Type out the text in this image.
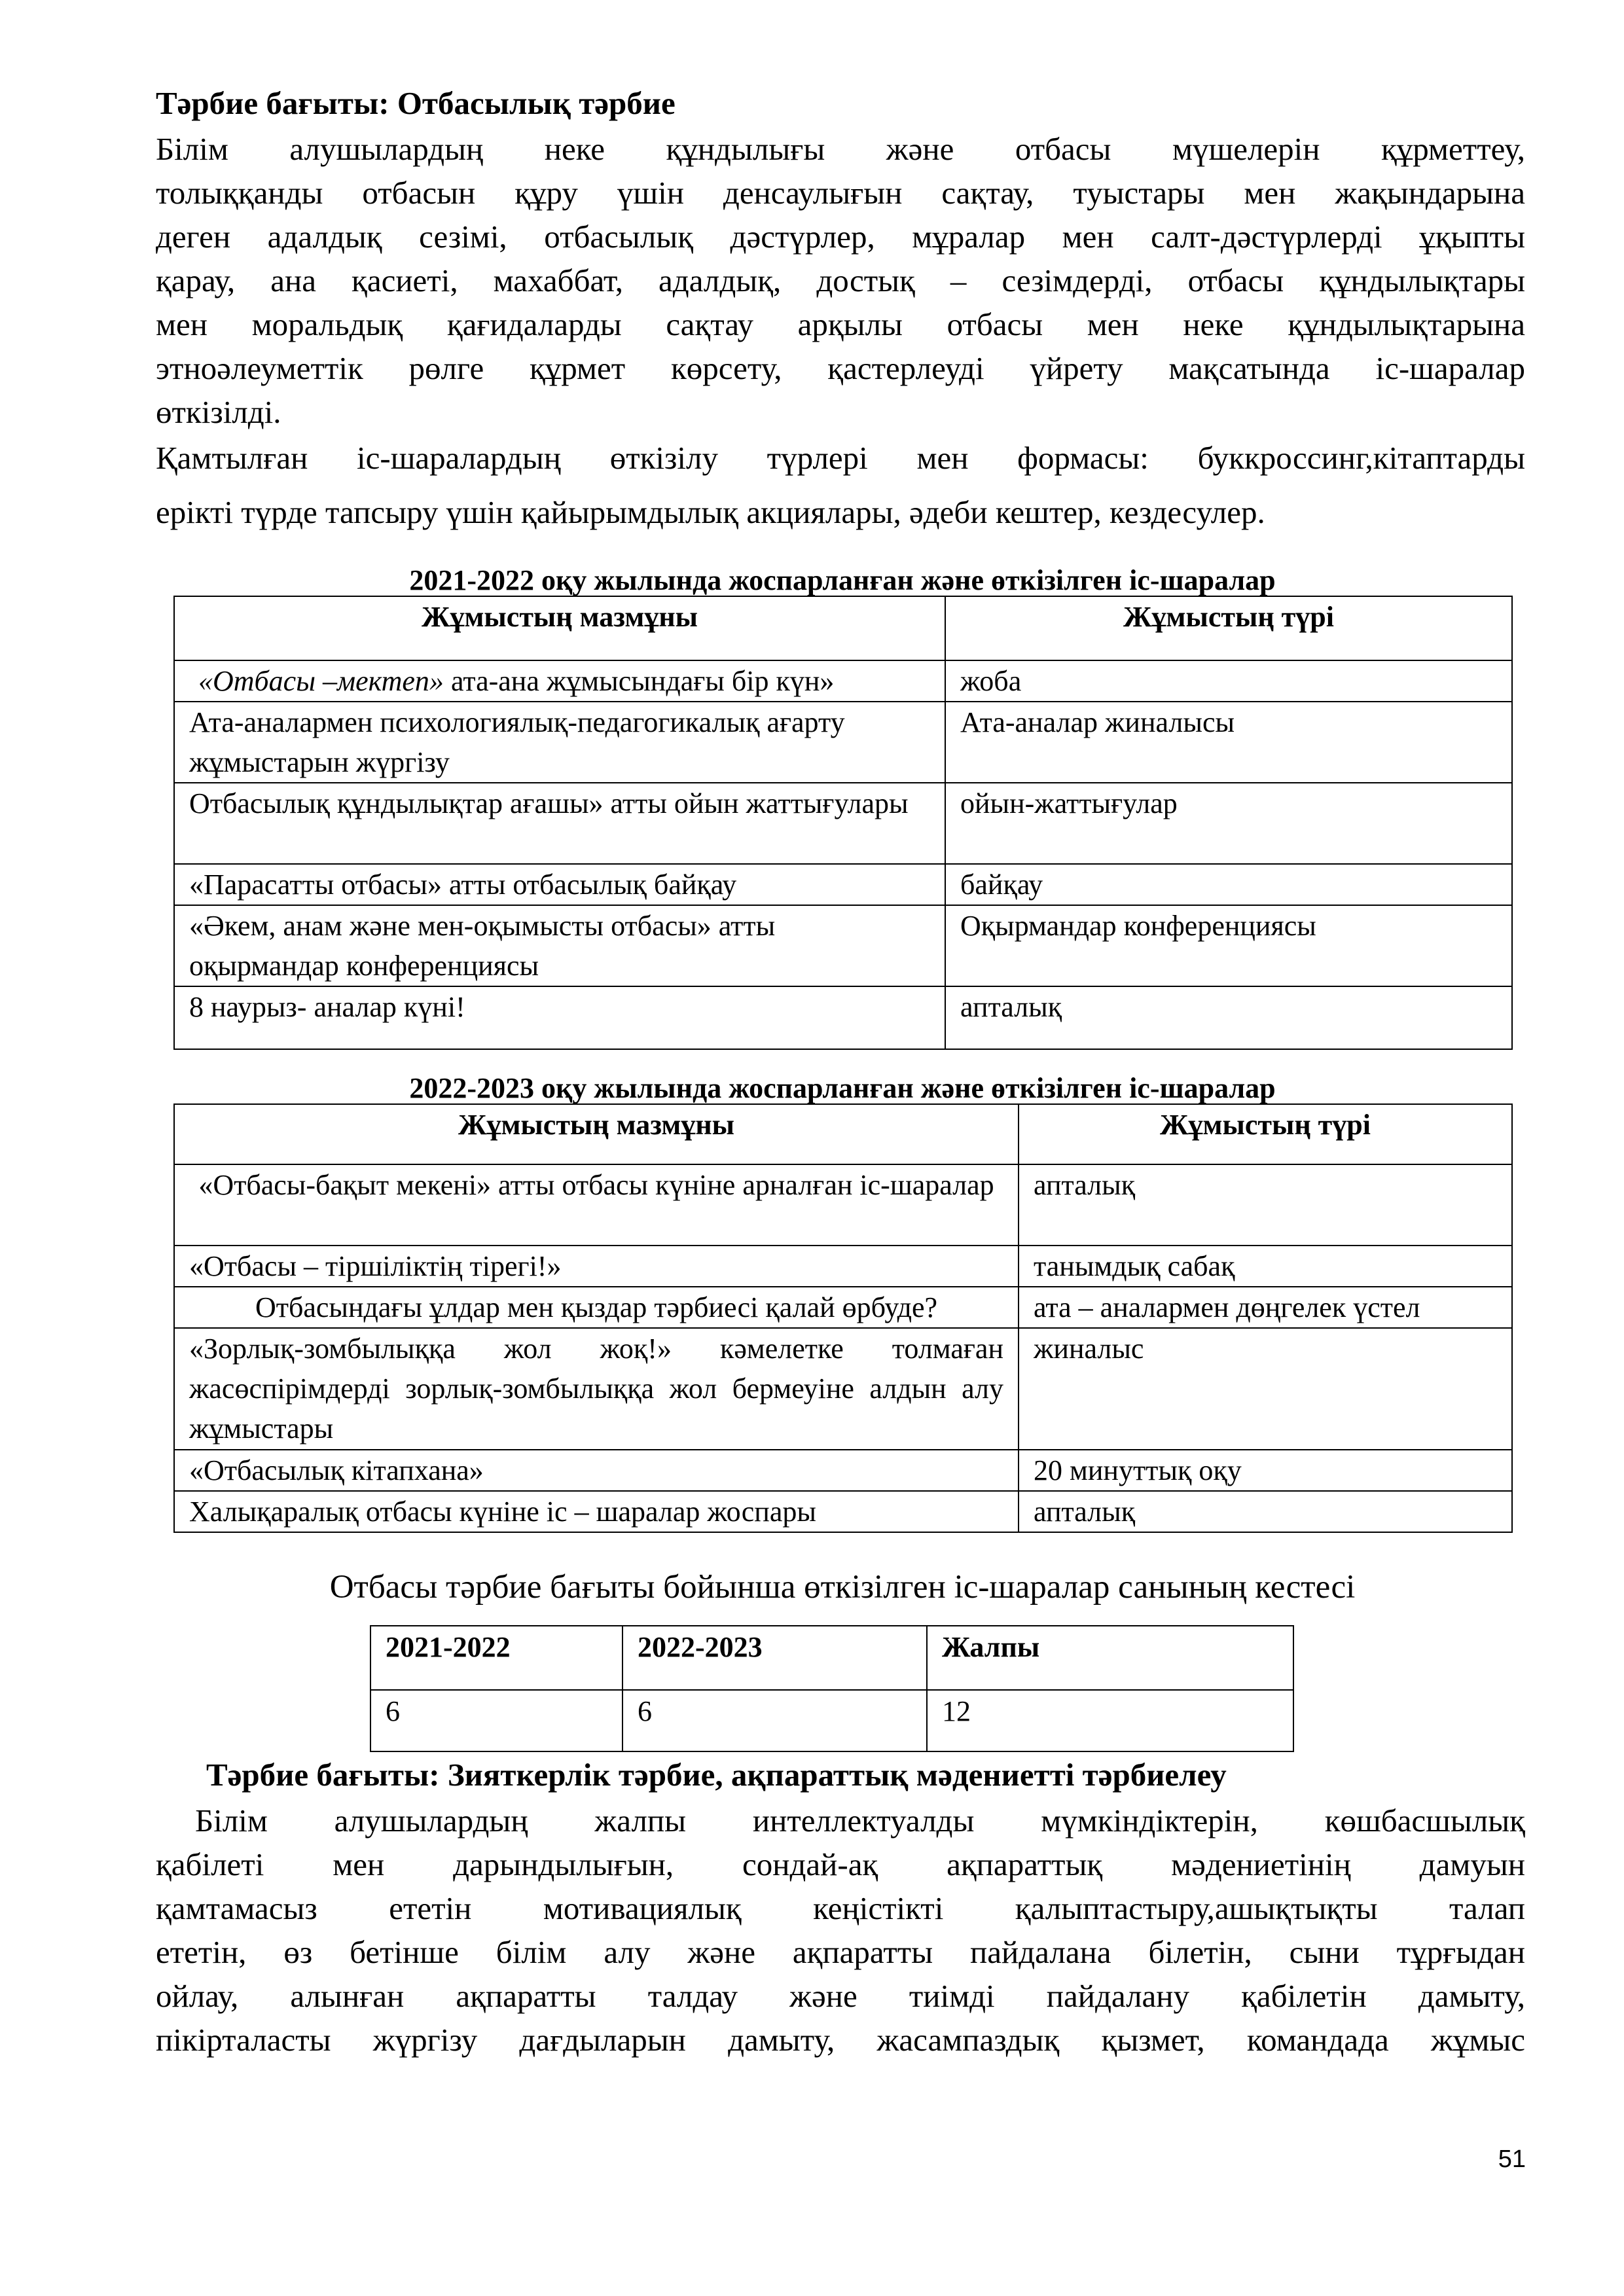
Тәрбие бағыты: Отбасылық тәрбие
Білім алушылардың неке құндылығы және отбасы мүшелерін құрметтеу,
толыққанды отбасын құру үшін денсаулығын сақтау, туыстары мен жақындарына
деген адалдық сезімі, отбасылық дәстүрлер, мұралар мен салт-дәстүрлерді ұқыпты
қарау, ана қасиеті, махаббат, адалдық, достық – сезімдерді, отбасы құндылықтары
мен моральдық қағидаларды сақтау арқылы отбасы мен неке құндылықтарына
этноәлеуметтік рөлге құрмет көрсету, қастерлеуді үйрету мақсатында іс-шаралар
өткізілді.
Қамтылған іс-шаралардың өткізілу түрлері мен формасы: буккроссинг,кітаптарды
ерікті түрде тапсыру үшін қайырымдылық акциялары, әдеби кештер, кездесулер.
2021-2022 оқу жылында жоспарланған және өткізілген іс-шаралар
Жұмыстың мазмұны	Жұмыстың түрі
«Отбасы –мектеп» ата-ана жұмысындағы бір күн»	жоба
Ата-аналармен психологиялық-педагогикалық ағарту жұмыстарын жүргізу	Ата-аналар жиналысы
Отбасылық құндылықтар ағашы» атты ойын жаттығулары	ойын-жаттығулар
«Парасатты отбасы» атты отбасылық байқау	байқау
«Әкем, анам және мен-оқымысты отбасы» атты оқырмандар конференциясы	Оқырмандар конференциясы
8 наурыз- аналар күні!	апталық
2022-2023 оқу жылында жоспарланған және өткізілген іс-шаралар
Жұмыстың мазмұны	Жұмыстың түрі
«Отбасы-бақыт мекені» атты отбасы күніне арналған іс-шаралар	апталық
«Отбасы – тіршіліктің тірегі!»	танымдық сабақ
Отбасындағы ұлдар мен қыздар тәрбиесі қалай өрбуде?	ата – аналармен дөңгелек үстел
«Зорлық-зомбылыққа жол жоқ!» кәмелетке толмаған жасөспірімдерді зорлық-зомбылыққа жол бермеуіне алдын алу жұмыстары	жиналыс
«Отбасылық кітапхана»	20 минуттық оқу
Халықаралық отбасы күніне іс – шаралар жоспары	апталық
Отбасы тәрбие бағыты бойынша өткізілген іс-шаралар санының кестесі
2021-2022	2022-2023	Жалпы
6	6	12
Тәрбие бағыты: Зияткерлік тәрбие, ақпараттық мәдениетті тәрбиелеу
Білім алушылардың жалпы интеллектуалды мүмкіндіктерін, көшбасшылық
қабілеті мен дарындылығын, сондай-ақ ақпараттық мәдениетінің дамуын
қамтамасыз ететін мотивациялық кеңістікті қалыптастыру,ашықтықты талап
ететін, өз бетінше білім алу және ақпаратты пайдалана білетін, сыни тұрғыдан
ойлау, алынған ақпаратты талдау және тиімді пайдалану қабілетін дамыту,
пікірталасты жүргізу дағдыларын дамыту, жасампаздық қызмет, командада жұмыс
51
